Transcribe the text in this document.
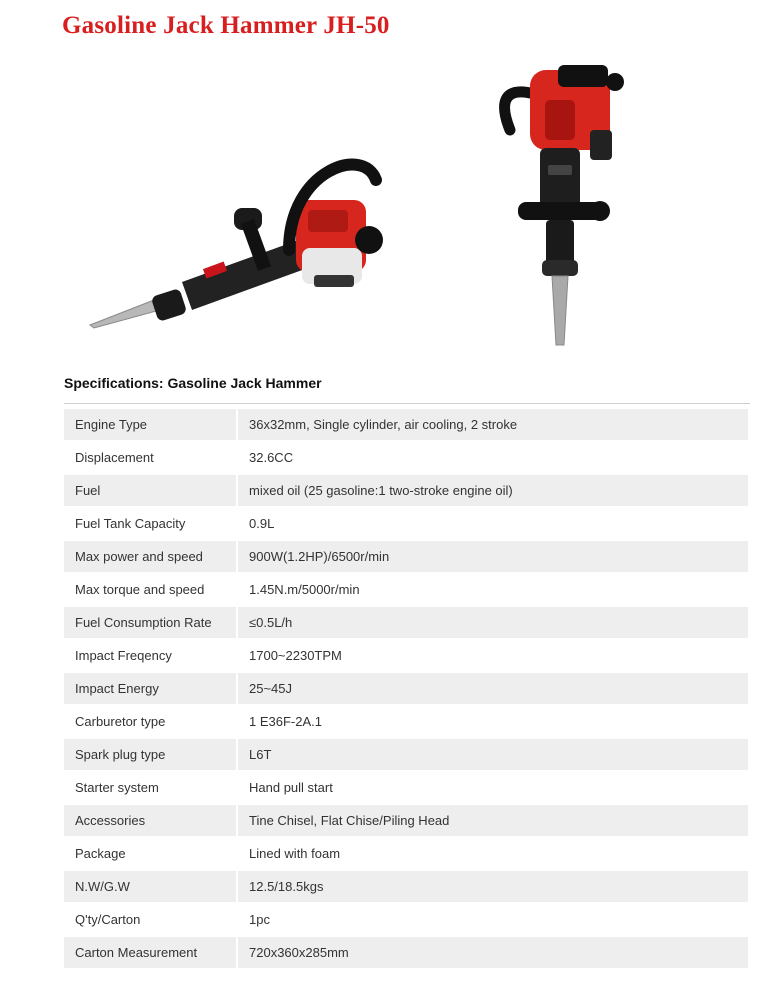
Gasoline Jack Hammer JH-50
Specifications: Gasoline Jack Hammer
Engine Type	36x32mm, Single cylinder, air cooling, 2 stroke
Displacement	32.6CC
Fuel	mixed oil (25 gasoline:1 two-stroke engine oil)
Fuel Tank Capacity	0.9L
Max power and speed	900W(1.2HP)/6500r/min
Max torque and speed	1.45N.m/5000r/min
Fuel Consumption Rate	≤0.5L/h
Impact Freqency	1700~2230TPM
Impact Energy	25~45J
Carburetor type	1 E36F-2A.1
Spark plug type	L6T
Starter system	Hand pull start
Accessories	Tine Chisel, Flat Chise/Piling Head
Package	Lined with foam
N.W/G.W	12.5/18.5kgs
Q'ty/Carton	1pc
Carton Measurement	720x360x285mm
